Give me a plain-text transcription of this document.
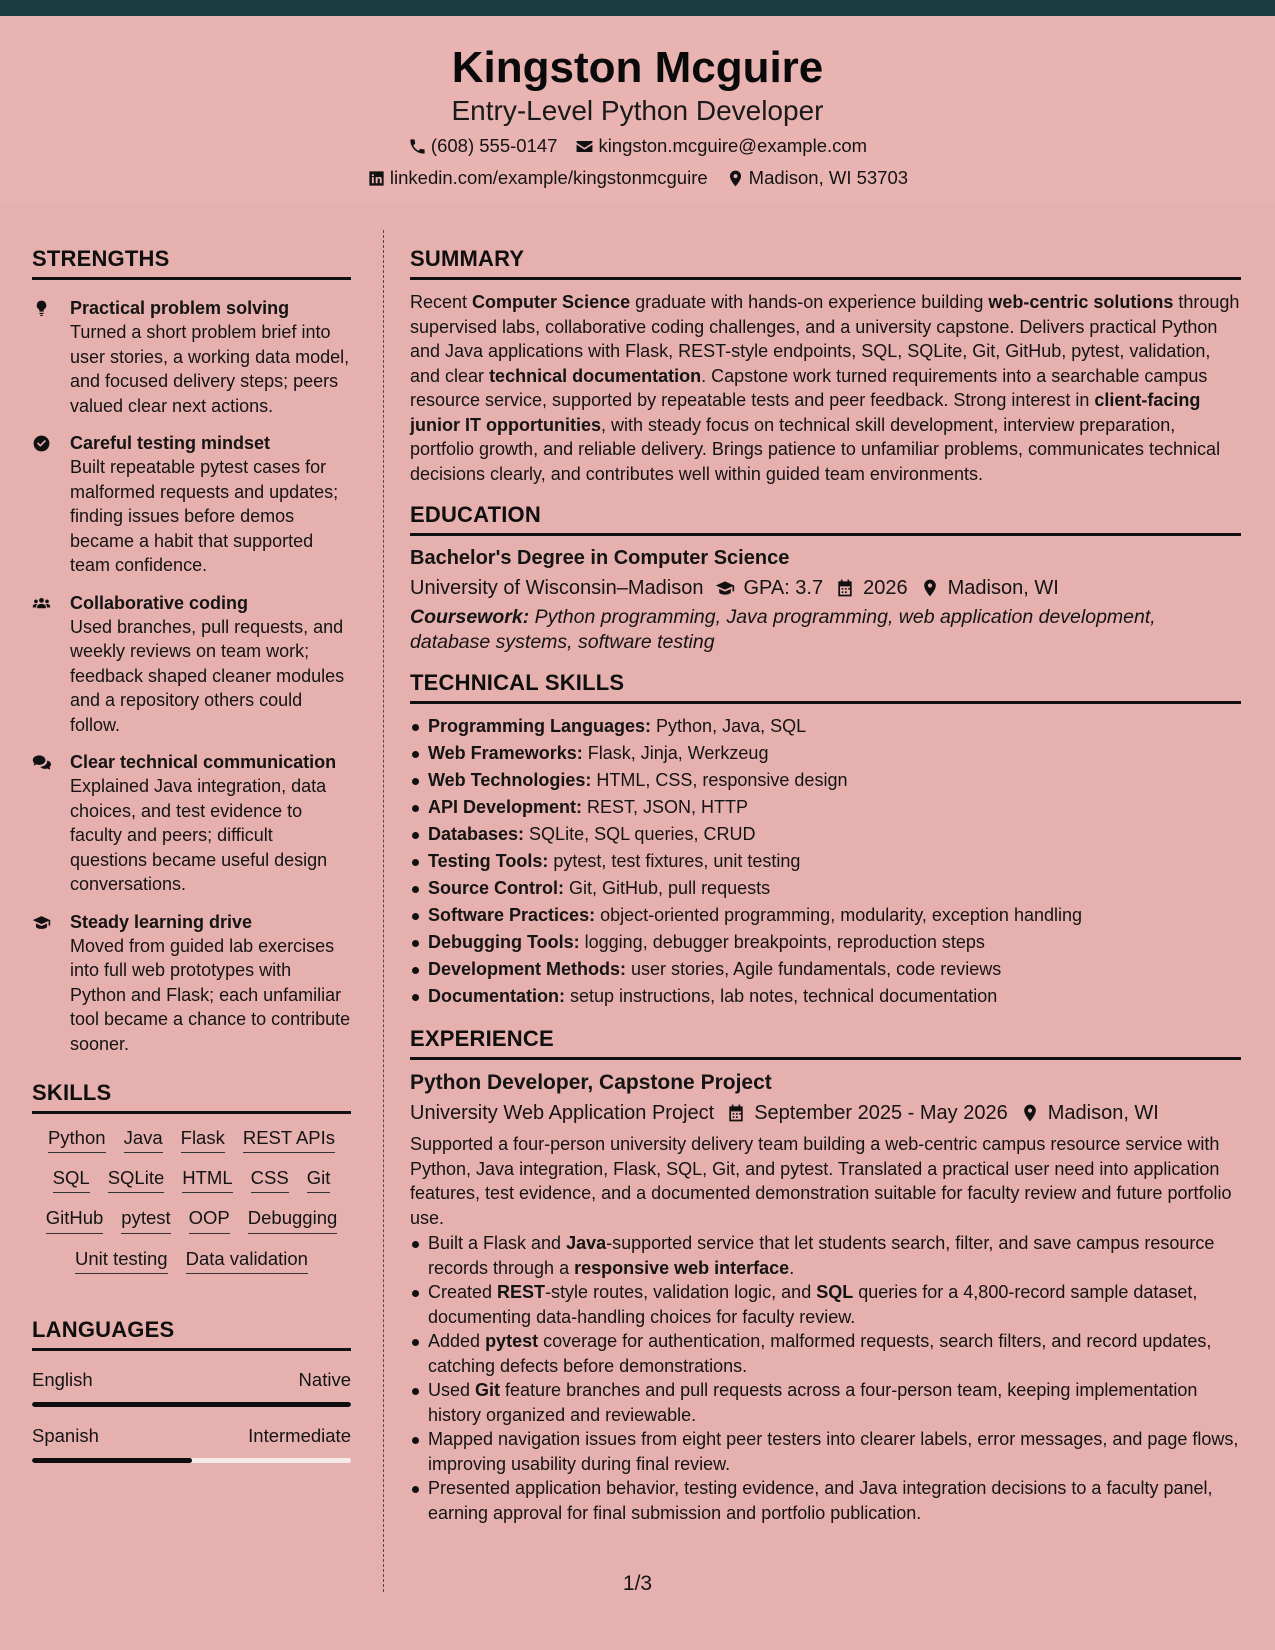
Kingston Mcguire
Entry-Level Python Developer
(608) 555-0147 kingston.mcguire@example.com
linkedin.com/example/kingstonmcguire Madison, WI 53703
STRENGTHS
Practical problem solving
Turned a short problem brief into user stories, a working data model, and focused delivery steps; peers valued clear next actions.
Careful testing mindset
Built repeatable pytest cases for malformed requests and updates; finding issues before demos became a habit that supported team confidence.
Collaborative coding
Used branches, pull requests, and weekly reviews on team work; feedback shaped cleaner modules and a repository others could follow.
Clear technical communication
Explained Java integration, data choices, and test evidence to faculty and peers; difficult questions became useful design conversations.
Steady learning drive
Moved from guided lab exercises into full web prototypes with Python and Flask; each unfamiliar tool became a chance to contribute sooner.
SKILLS
Python Java Flask REST APIs
SQL SQLite HTML CSS Git
GitHub pytest OOP Debugging
Unit testing Data validation
LANGUAGES
English	Native
Spanish	Intermediate
SUMMARY
Recent Computer Science graduate with hands-on experience building web-centric solutions through supervised labs, collaborative coding challenges, and a university capstone. Delivers practical Python and Java applications with Flask, REST-style endpoints, SQL, SQLite, Git, GitHub, pytest, validation, and clear technical documentation. Capstone work turned requirements into a searchable campus resource service, supported by repeatable tests and peer feedback. Strong interest in client-facing junior IT opportunities, with steady focus on technical skill development, interview preparation, portfolio growth, and reliable delivery. Brings patience to unfamiliar problems, communicates technical decisions clearly, and contributes well within guided team environments.
EDUCATION
Bachelor's Degree in Computer Science
University of Wisconsin–Madison GPA: 3.7 2026 Madison, WI
Coursework: Python programming, Java programming, web application development, database systems, software testing
TECHNICAL SKILLS
Programming Languages: Python, Java, SQL
Web Frameworks: Flask, Jinja, Werkzeug
Web Technologies: HTML, CSS, responsive design
API Development: REST, JSON, HTTP
Databases: SQLite, SQL queries, CRUD
Testing Tools: pytest, test fixtures, unit testing
Source Control: Git, GitHub, pull requests
Software Practices: object-oriented programming, modularity, exception handling
Debugging Tools: logging, debugger breakpoints, reproduction steps
Development Methods: user stories, Agile fundamentals, code reviews
Documentation: setup instructions, lab notes, technical documentation
EXPERIENCE
Python Developer, Capstone Project
University Web Application Project September 2025 - May 2026 Madison, WI
Supported a four-person university delivery team building a web-centric campus resource service with Python, Java integration, Flask, SQL, Git, and pytest. Translated a practical user need into application features, test evidence, and a documented demonstration suitable for faculty review and future portfolio use.
Built a Flask and Java-supported service that let students search, filter, and save campus resource records through a responsive web interface.
Created REST-style routes, validation logic, and SQL queries for a 4,800-record sample dataset, documenting data-handling choices for faculty review.
Added pytest coverage for authentication, malformed requests, search filters, and record updates, catching defects before demonstrations.
Used Git feature branches and pull requests across a four-person team, keeping implementation history organized and reviewable.
Mapped navigation issues from eight peer testers into clearer labels, error messages, and page flows, improving usability during final review.
Presented application behavior, testing evidence, and Java integration decisions to a faculty panel, earning approval for final submission and portfolio publication.
1/3
